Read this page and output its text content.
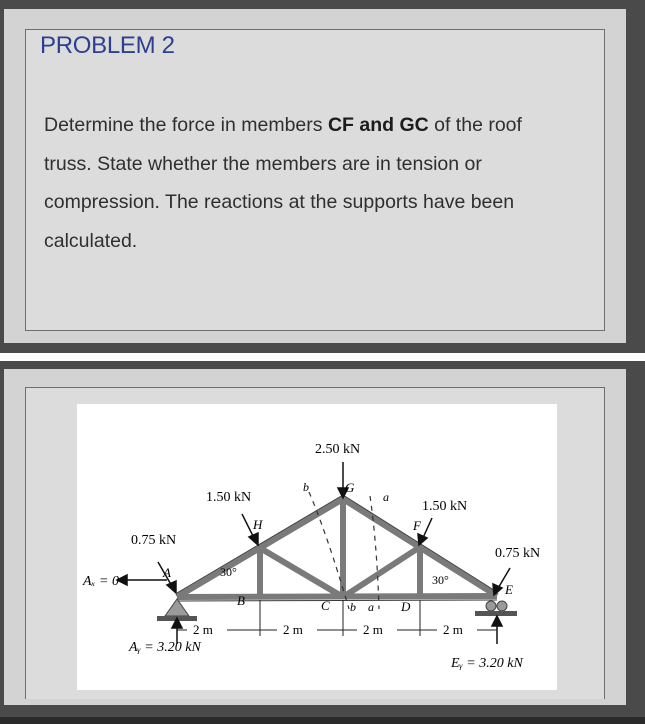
PROBLEM 2
Determine the force in members CF and GC of the roof truss. State whether the members are in tension or compression. The reactions at the supports have been calculated.
2.50 kN
1.50 kN
1.50 kN
0.75 kN
0.75 kN
Aₓ = 0
Aᵧ = 3.20 kN
Eᵧ = 3.20 kN
2 m	2 m	2 m	2 m
30°
30°
A
B	C	D
E
F
G
H
b
a
b a
